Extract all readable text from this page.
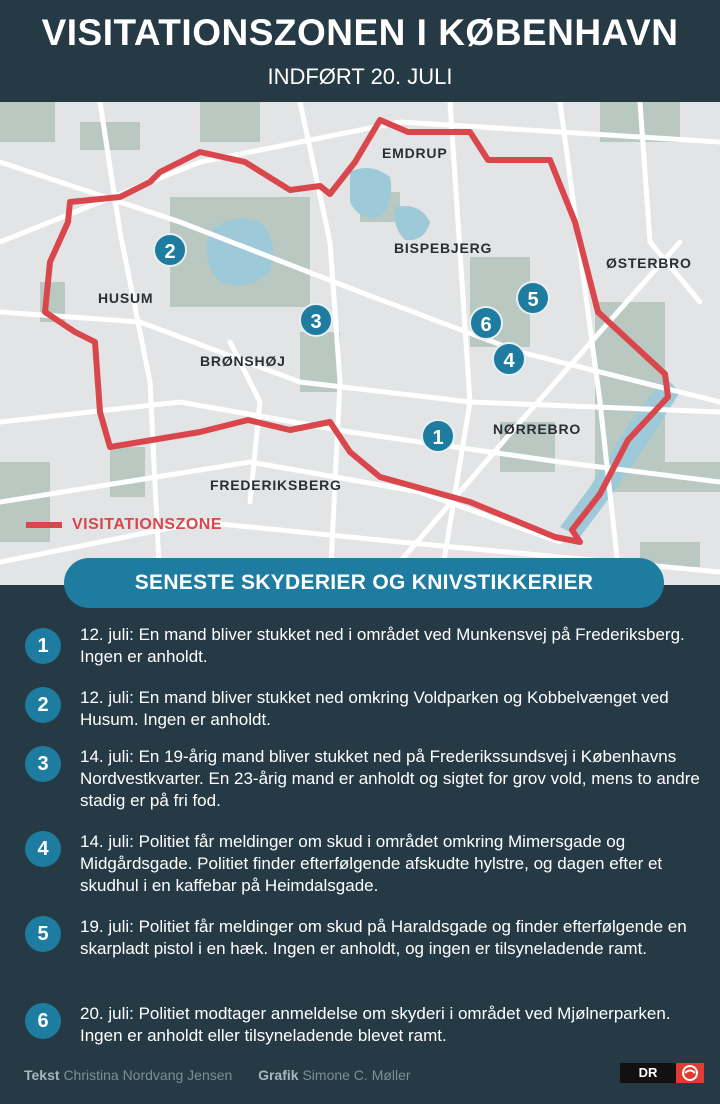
VISITATIONSZONEN I KØBENHAVN
INDFØRT 20. JULI
EMDRUP
BISPEBJERG
ØSTERBRO
HUSUM
BRØNSHØJ
NØRREBRO
FREDERIKSBERG
1
2
3
4
5
6
VISITATIONSZONE
SENESTE SKYDERIER OG KNIVSTIKKERIER
1
12. juli: En mand bliver stukket ned i området ved Munkensvej på Frederiksberg. Ingen er anholdt.
2	12. juli: En mand bliver stukket ned omkring Voldparken og Kobbelvænget ved Husum. Ingen er anholdt.
3	14. juli: En 19-årig mand bliver stukket ned på Frederikssundsvej i Københavns Nordvestkvarter. En 23-årig mand er anholdt og sigtet for grov vold, mens to andre stadig er på fri fod.
4	14. juli: Politiet får meldinger om skud i området omkring Mimersgade og Midgårdsgade. Politiet finder efterfølgende afskudte hylstre, og dagen efter et skudhul i en kaffebar på Heimdalsgade.
5	19. juli: Politiet får meldinger om skud på Haraldsgade og finder efterfølgende en skarpladt pistol i en hæk. Ingen er anholdt, og ingen er tilsyneladende ramt.
6	20. juli: Politiet modtager anmeldelse om skyderi i området ved Mjølnerparken. Ingen er anholdt eller tilsyneladende blevet ramt.
Tekst Christina Nordvang Jensen Grafik Simone C. Møller	DR
